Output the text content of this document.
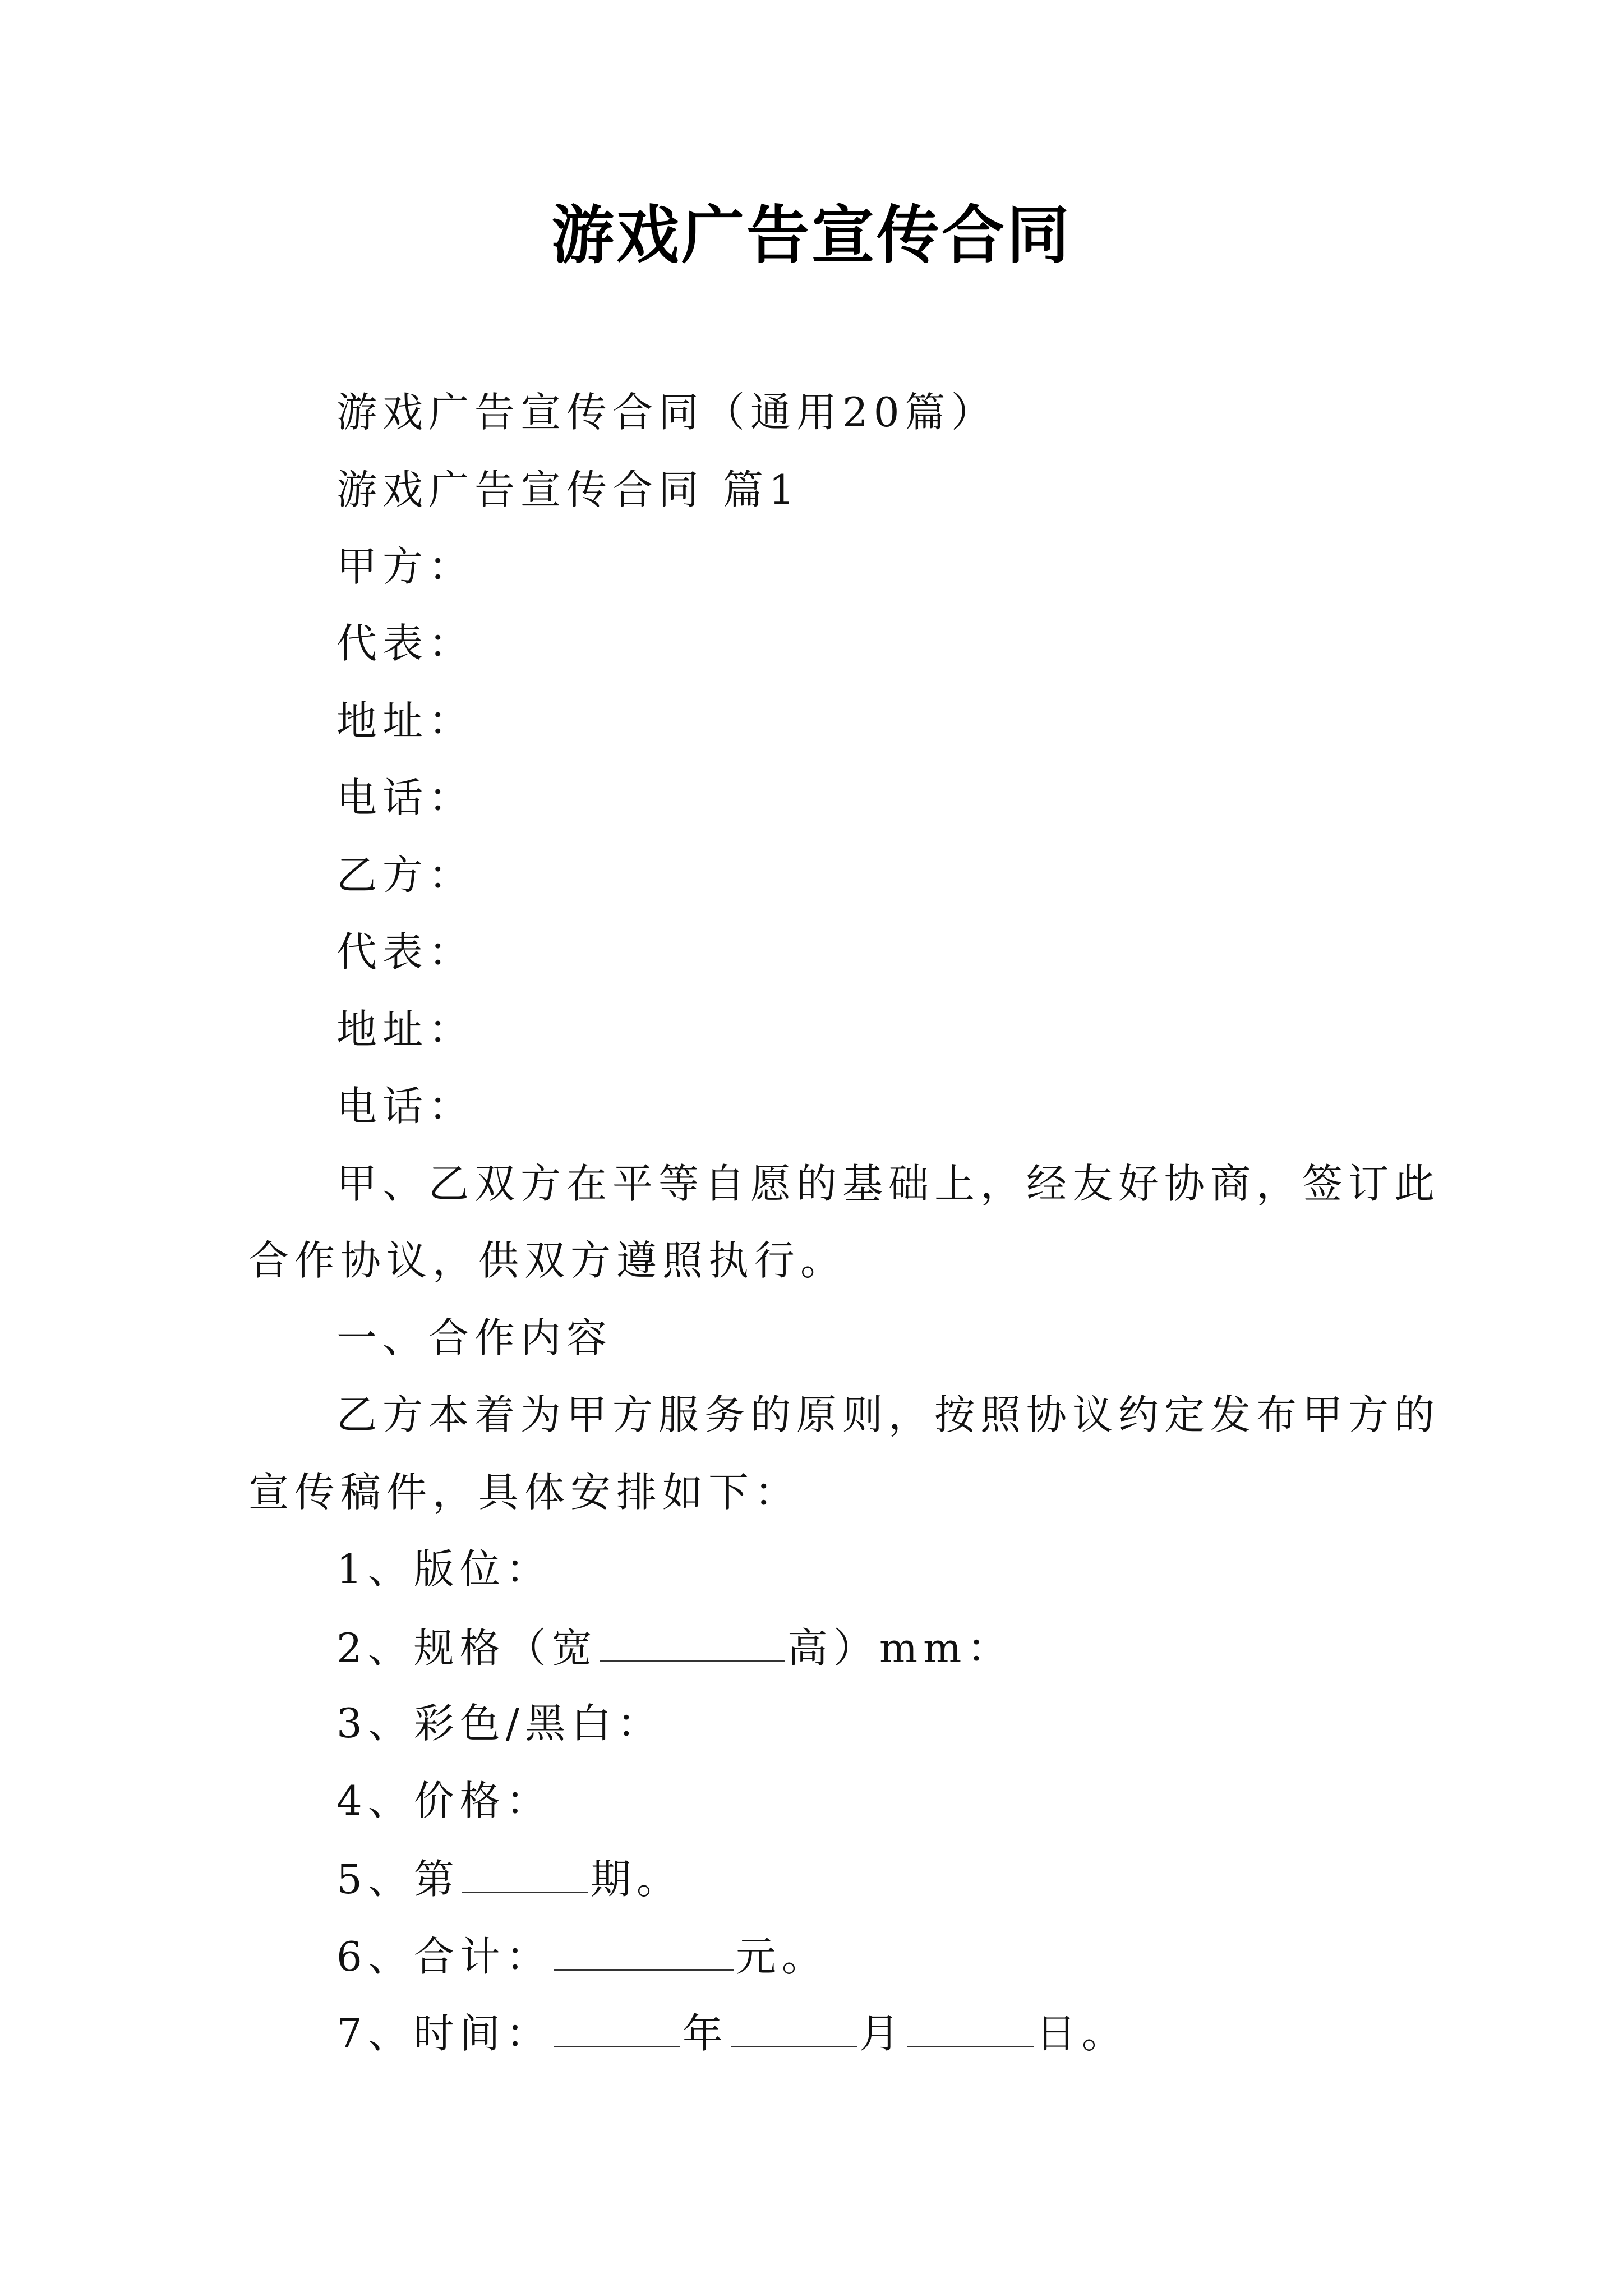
游戏广告宣传合同
游戏广告宣传合同（通用20篇）
游戏广告宣传合同 篇1
甲方：
代表：
地址：
电话：
乙方：
代表：
地址：
电话：
甲、乙双方在平等自愿的基础上，经友好协商，签订此
合作协议，供双方遵照执行。
一、合作内容
乙方本着为甲方服务的原则，按照协议约定发布甲方的
宣传稿件，具体安排如下：
1、版位：
2、规格（宽	高）mm：
3、彩色/黑白：
4、价格：
5、第	期。
6、合计：	元。
7、时间：	年	月	日。
